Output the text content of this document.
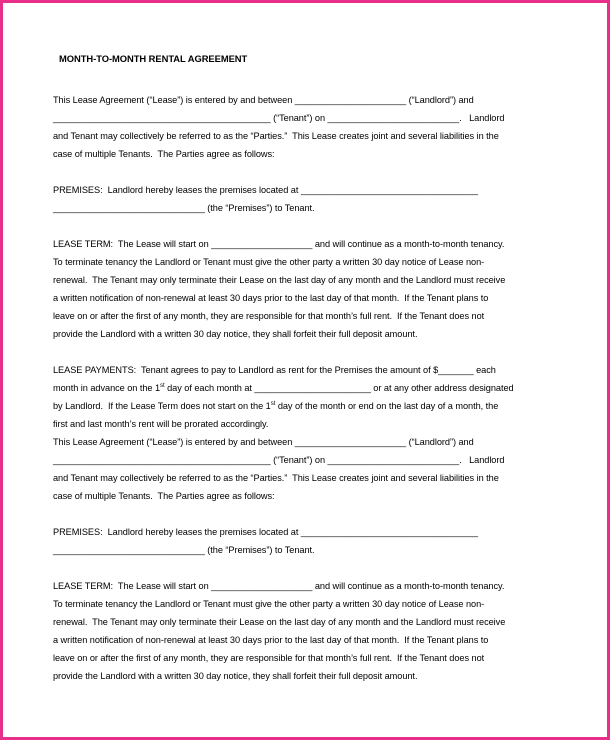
MONTH-TO-MONTH RENTAL AGREEMENT
This Lease Agreement (“Lease”) is entered by and between ______________________ (“Landlord”) and
___________________________________________ (“Tenant”) on __________________________.   Landlord
and Tenant may collectively be referred to as the “Parties.”  This Lease creates joint and several liabilities in the
case of multiple Tenants.  The Parties agree as follows:
PREMISES:  Landlord hereby leases the premises located at ___________________________________
______________________________ (the “Premises”) to Tenant.
LEASE TERM:  The Lease will start on ____________________ and will continue as a month-to-month tenancy.
To terminate tenancy the Landlord or Tenant must give the other party a written 30 day notice of Lease non-
renewal.  The Tenant may only terminate their Lease on the last day of any month and the Landlord must receive
a written notification of non-renewal at least 30 days prior to the last day of that month.  If the Tenant plans to
leave on or after the first of any month, they are responsible for that month’s full rent.  If the Tenant does not
provide the Landlord with a written 30 day notice, they shall forfeit their full deposit amount.
LEASE PAYMENTS:  Tenant agrees to pay to Landlord as rent for the Premises the amount of $_______ each
month in advance on the 1st day of each month at _______________________ or at any other address designated
by Landlord.  If the Lease Term does not start on the 1st day of the month or end on the last day of a month, the
first and last month’s rent will be prorated accordingly.
This Lease Agreement (“Lease”) is entered by and between ______________________ (“Landlord”) and
___________________________________________ (“Tenant”) on __________________________.   Landlord
and Tenant may collectively be referred to as the “Parties.”  This Lease creates joint and several liabilities in the
case of multiple Tenants.  The Parties agree as follows:
PREMISES:  Landlord hereby leases the premises located at ___________________________________
______________________________ (the “Premises”) to Tenant.
LEASE TERM:  The Lease will start on ____________________ and will continue as a month-to-month tenancy.
To terminate tenancy the Landlord or Tenant must give the other party a written 30 day notice of Lease non-
renewal.  The Tenant may only terminate their Lease on the last day of any month and the Landlord must receive
a written notification of non-renewal at least 30 days prior to the last day of that month.  If the Tenant plans to
leave on or after the first of any month, they are responsible for that month’s full rent.  If the Tenant does not
provide the Landlord with a written 30 day notice, they shall forfeit their full deposit amount.
